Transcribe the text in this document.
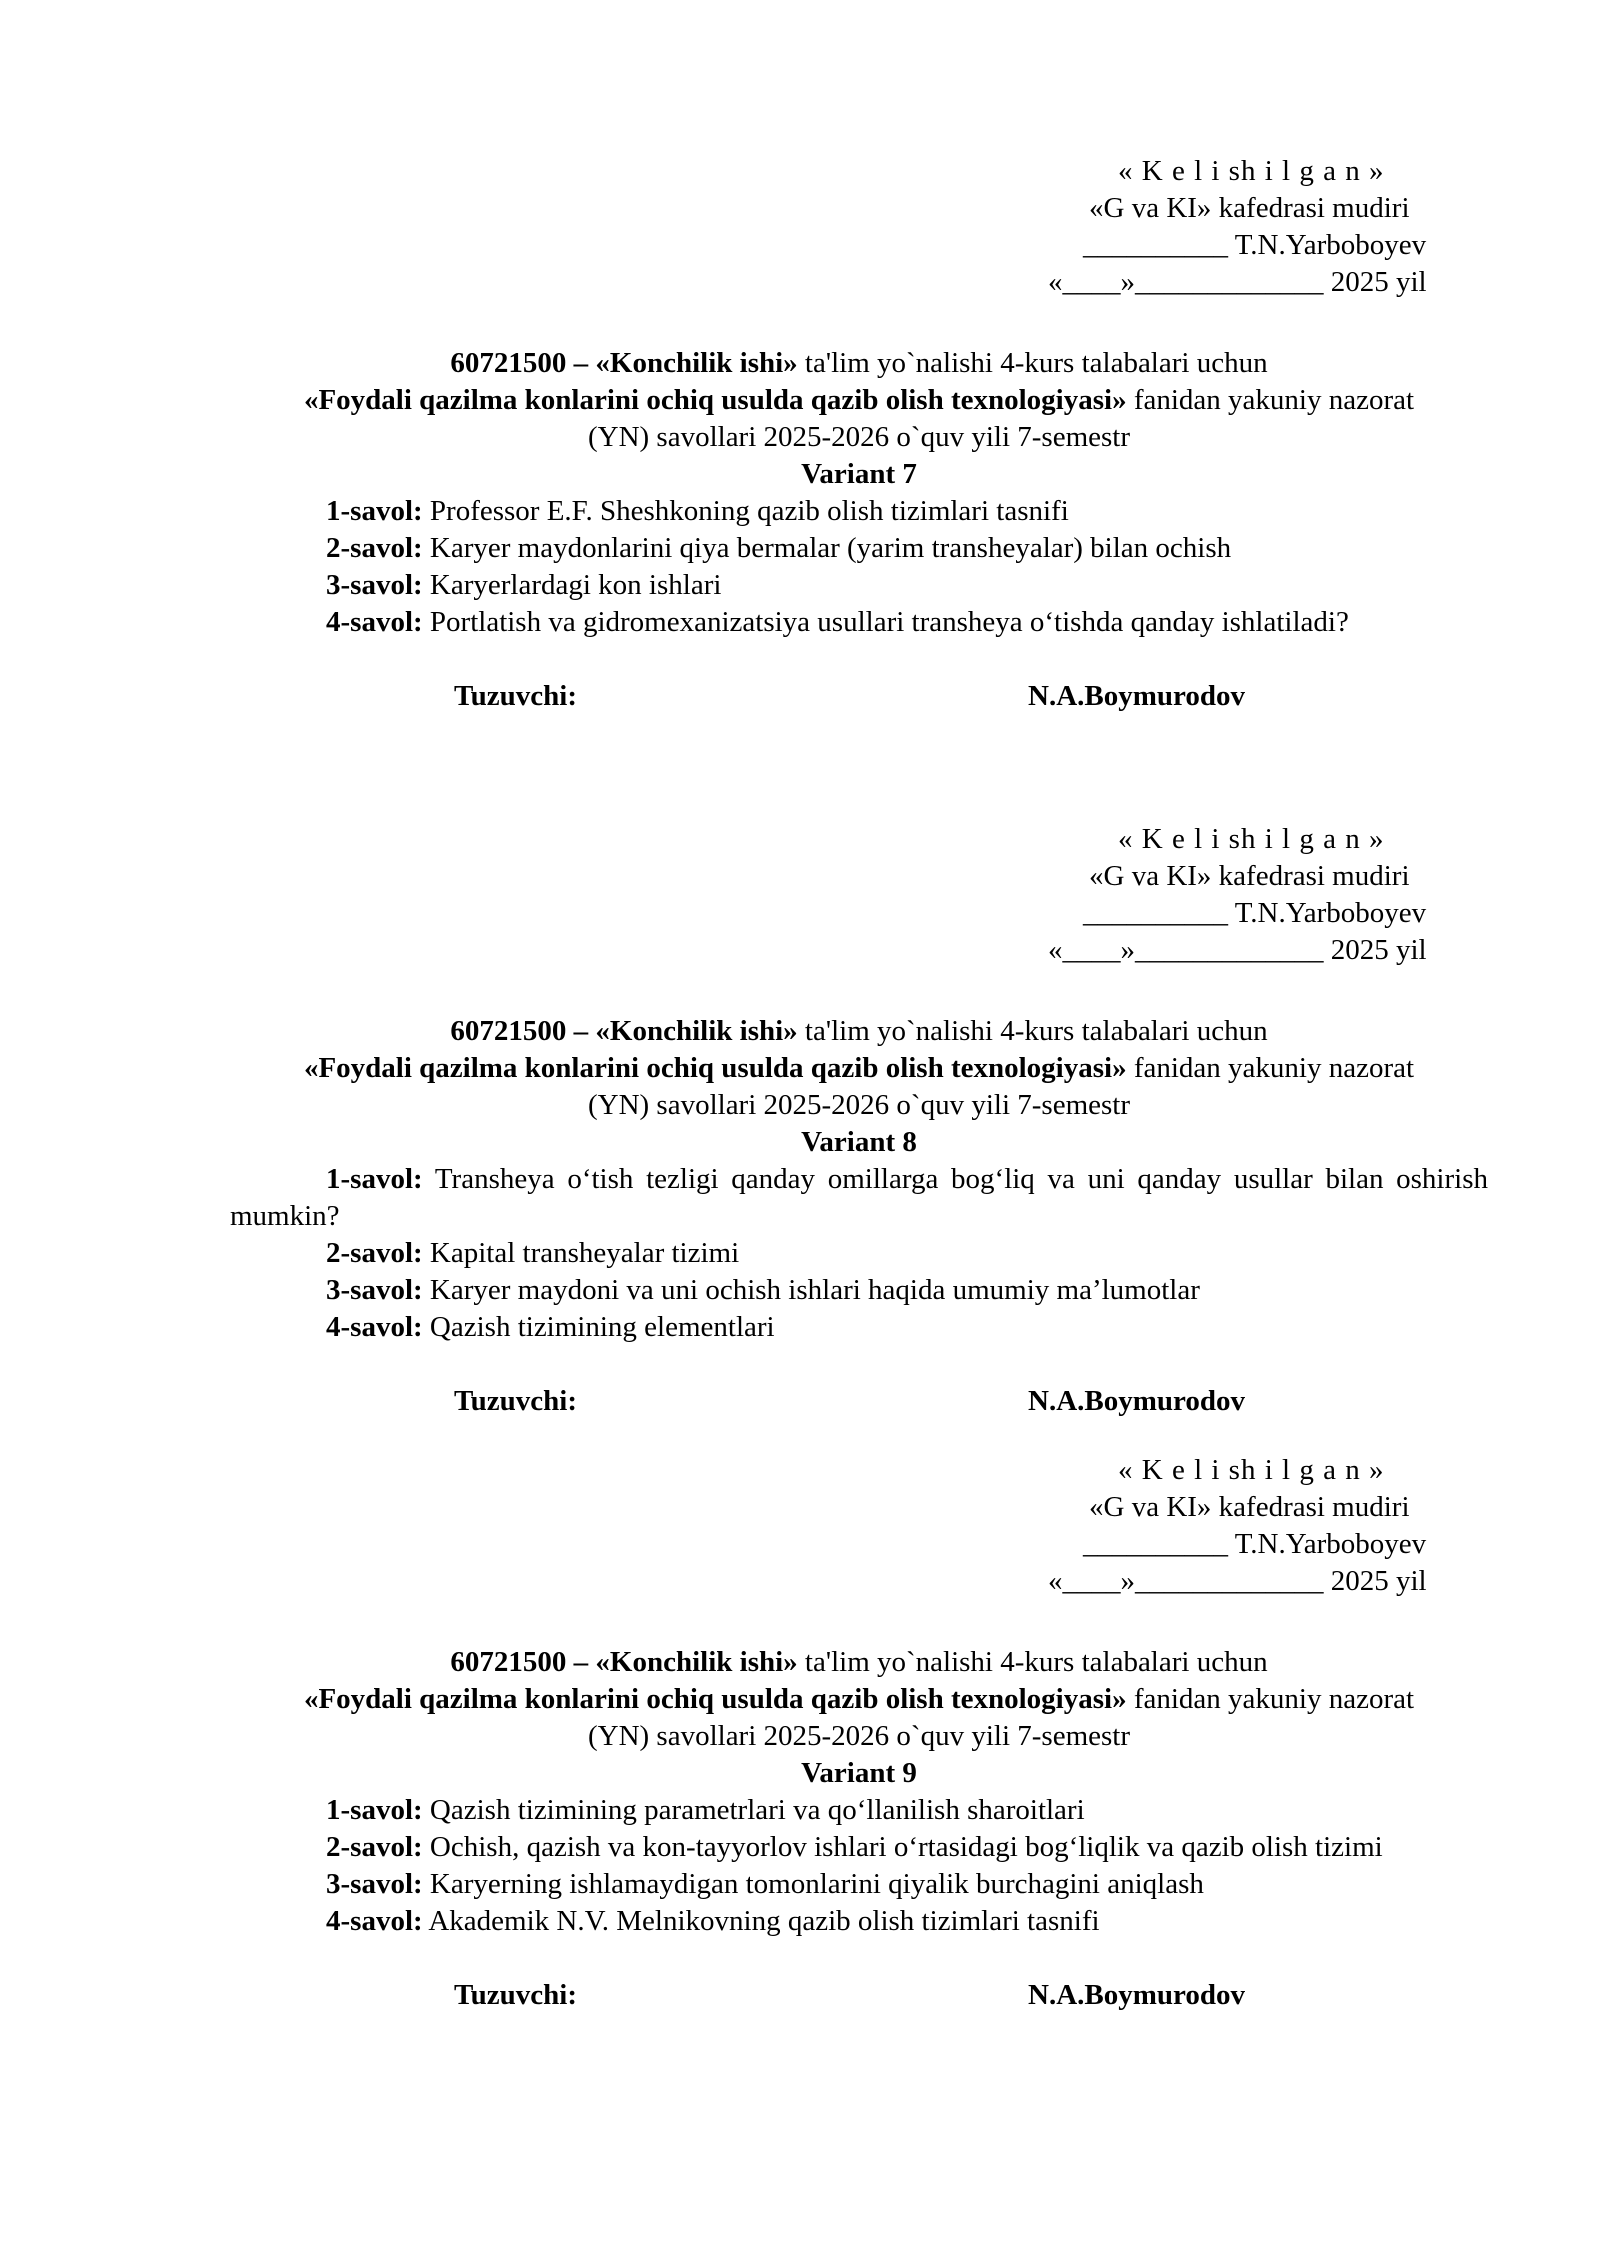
« K e l i sh i l g a n »
«G va KI» kafedrasi mudiri
__________ T.N.Yarboboyev
«____»_____________ 2025 yil
60721500 – «Konchilik ishi» ta'lim yo`nalishi 4-kurs talabalari uchun
«Foydali qazilma konlarini ochiq usulda qazib olish texnologiyasi» fanidan yakuniy nazorat
(YN) savollari 2025-2026 o`quv yili 7-semestr
Variant 7

1-savol: Professor E.F. Sheshkoning qazib olish tizimlari tasnifi

2-savol: Karyer maydonlarini qiya bermalar (yarim transheyalar) bilan ochish

3-savol: Karyerlardagi kon ishlari

4-savol: Portlatish va gidromexanizatsiya usullari transheya o‘tishda qanday ishlatiladi?

Tuzuvchi:	N.A.Boymurodov
« K e l i sh i l g a n »
«G va KI» kafedrasi mudiri
__________ T.N.Yarboboyev
«____»_____________ 2025 yil
60721500 – «Konchilik ishi» ta'lim yo`nalishi 4-kurs talabalari uchun
«Foydali qazilma konlarini ochiq usulda qazib olish texnologiyasi» fanidan yakuniy nazorat
(YN) savollari 2025-2026 o`quv yili 7-semestr
Variant 8

1-savol: Transheya o‘tish tezligi qanday omillarga bog‘liq va uni qanday usullar bilan oshirish mumkin?

2-savol: Kapital transheyalar tizimi

3-savol: Karyer maydoni va uni ochish ishlari haqida umumiy ma’lumotlar

4-savol: Qazish tizimining elementlari

Tuzuvchi:	N.A.Boymurodov
« K e l i sh i l g a n »
«G va KI» kafedrasi mudiri
__________ T.N.Yarboboyev
«____»_____________ 2025 yil
60721500 – «Konchilik ishi» ta'lim yo`nalishi 4-kurs talabalari uchun
«Foydali qazilma konlarini ochiq usulda qazib olish texnologiyasi» fanidan yakuniy nazorat
(YN) savollari 2025-2026 o`quv yili 7-semestr
Variant 9

1-savol: Qazish tizimining parametrlari va qo‘llanilish sharoitlari

2-savol: Ochish, qazish va kon-tayyorlov ishlari o‘rtasidagi bog‘liqlik va qazib olish tizimi

3-savol: Karyerning ishlamaydigan tomonlarini qiyalik burchagini aniqlash

4-savol: Akademik N.V. Melnikovning qazib olish tizimlari tasnifi

Tuzuvchi:	N.A.Boymurodov
